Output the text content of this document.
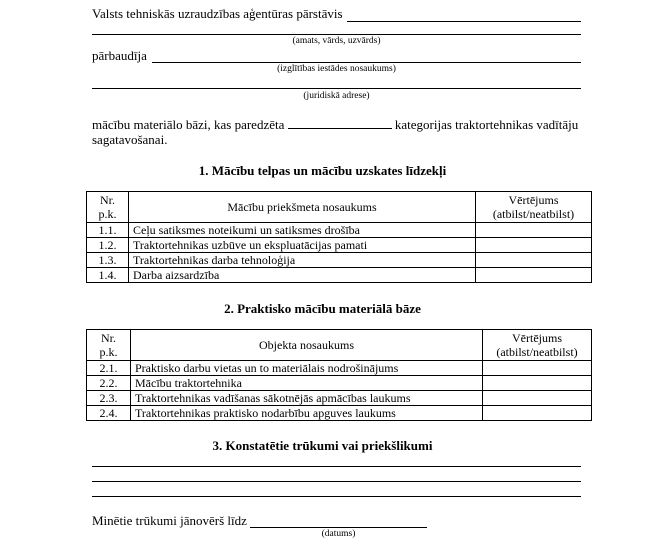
Valsts tehniskās uzraudzības aģentūras pārstāvis
(amats, vārds, uzvārds)
pārbaudīja
(izglītības iestādes nosaukums)
(juridiskā adrese)
mācību materiālo bāzi, kas paredzēta	kategorijas traktortehnikas vadītāju
sagatavošanai.
1. Mācību telpas un mācību uzskates līdzekļi
Nr.
p.k.	Mācību priekšmeta nosaukums	Vērtējums
(atbilst/neatbilst)
1.1.	Ceļu satiksmes noteikumi un satiksmes drošība	
1.2.	Traktortehnikas uzbūve un ekspluatācijas pamati	
1.3.	Traktortehnikas darba tehnoloģija	
1.4.	Darba aizsardzība	
2. Praktisko mācību materiālā bāze
Nr.
p.k.	Objekta nosaukums	Vērtējums
(atbilst/neatbilst)
2.1.	Praktisko darbu vietas un to materiālais nodrošinājums	
2.2.	Mācību traktortehnika	
2.3.	Traktortehnikas vadīšanas sākotnējās apmācības laukums	
2.4.	Traktortehnikas praktisko nodarbību apguves laukums	
3. Konstatētie trūkumi vai priekšlikumi
Minētie trūkumi jānovērš līdz
(datums)
